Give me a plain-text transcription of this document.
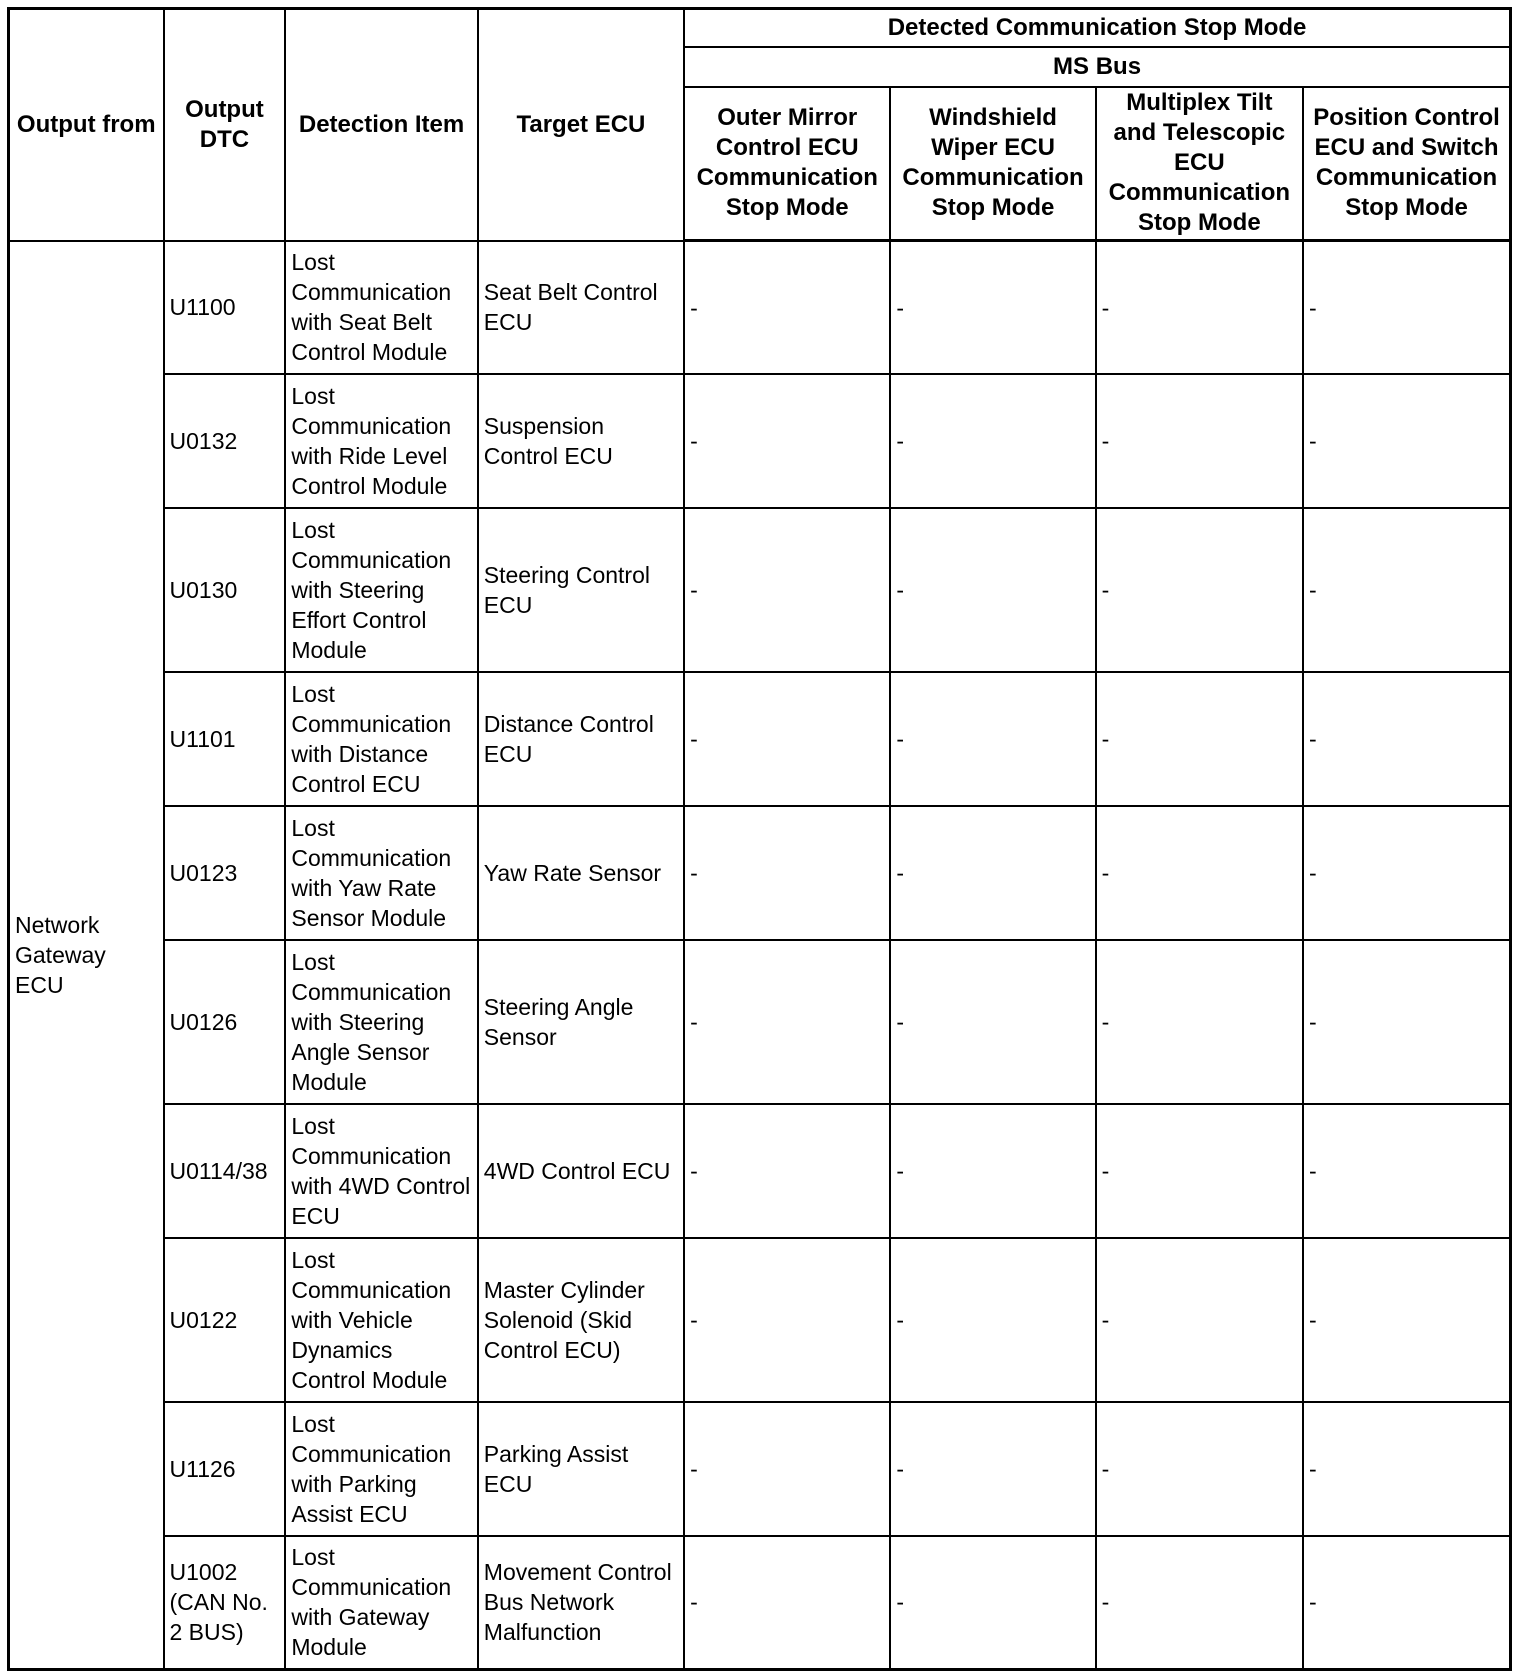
Output from	Output DTC	Detection Item	Target ECU	Detected Communication Stop Mode			
				MS Bus			
				Outer Mirror Control ECU Communication Stop Mode	Windshield Wiper ECU Communication Stop Mode	Multiplex Tilt and Telescopic ECU Communication Stop Mode	Position Control ECU and Switch Communication Stop Mode
Network Gateway ECU	U1100	Lost Communication with Seat Belt Control Module	Seat Belt Control ECU	-	-	-	-
	U0132	Lost Communication with Ride Level Control Module	Suspension Control ECU	-	-	-	-
	U0130	Lost Communication with Steering Effort Control Module	Steering Control ECU	-	-	-	-
	U1101	Lost Communication with Distance Control ECU	Distance Control ECU	-	-	-	-
	U0123	Lost Communication with Yaw Rate Sensor Module	Yaw Rate Sensor	-	-	-	-
	U0126	Lost Communication with Steering Angle Sensor Module	Steering Angle Sensor	-	-	-	-
	U0114/38	Lost Communication with 4WD Control ECU	4WD Control ECU	-	-	-	-
	U0122	Lost Communication with Vehicle Dynamics Control Module	Master Cylinder Solenoid (Skid Control ECU)	-	-	-	-
	U1126	Lost Communication with Parking Assist ECU	Parking Assist ECU	-	-	-	-
	U1002 (CAN No. 2 BUS)	Lost Communication with Gateway Module	Movement Control Bus Network Malfunction	-	-	-	-
